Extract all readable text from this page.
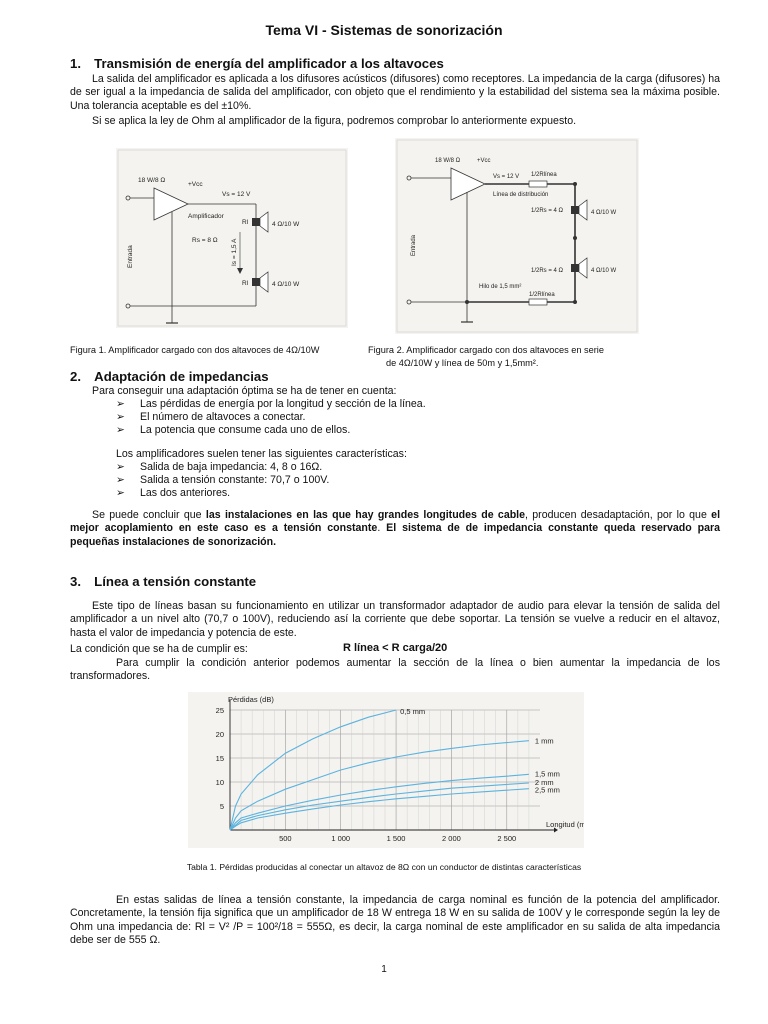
Tema VI - Sistemas de sonorización
1. Transmisión de energía del amplificador a los altavoces
La salida del amplificador es aplicada a los difusores acústicos (difusores) como receptores. La impedancia de la carga (difusores) ha de ser igual a la impedancia de salida del amplificador, con objeto que el rendimiento y la estabilidad del sistema sea la máxima posible. Una tolerancia aceptable es del ±10%.
Si se aplica la ley de Ohm al amplificador de la figura, podremos comprobar lo anteriormente expuesto.
18 W/8 Ω
+Vcc
Vs = 12 V
Amplificador
Rs = 8 Ω
Rl
Rl
4 Ω/10 W
4 Ω/10 W
Is = 1,5 A
Entrada
18 W/8 Ω	+Vcc
Vs = 12 V 1/2Rlínea
Línea de distribución
1/2Rs = 4 Ω
1/2Rs = 4 Ω
4 Ω/10 W
4 Ω/10 W
Hilo de 1,5 mm²
1/2Rlínea
Entrada
Figura 1. Amplificador cargado con dos altavoces de 4Ω/10W	Figura 2. Amplificador cargado con dos altavoces en serie
de 4Ω/10W y línea de 50m y 1,5mm².
2. Adaptación de impedancias
Para conseguir una adaptación óptima se ha de tener en cuenta:
➢ Las pérdidas de energía por la longitud y sección de la línea.
➢ El número de altavoces a conectar.
➢ La potencia que consume cada uno de ellos.
Los amplificadores suelen tener las siguientes características:
➢ Salida de baja impedancia: 4, 8 o 16Ω.
➢ Salida a tensión constante: 70,7 o 100V.
➢ Las dos anteriores.
Se puede concluir que las instalaciones en las que hay grandes longitudes de cable, producen desadaptación, por lo que el mejor acoplamiento en este caso es a tensión constante. El sistema de de impedancia constante queda reservado para pequeñas instalaciones de sonorización.
3. Línea a tensión constante
Este tipo de líneas basan su funcionamiento en utilizar un transformador adaptador de audio para elevar la tensión de salida del amplificador a un nivel alto (70,7 o 100V), reduciendo así la corriente que debe soportar. La tensión se vuelve a reducir en el altavoz, hasta el valor de impedancia y potencia de este.
La condición que se ha de cumplir es:	R línea < R carga/20
Para cumplir la condición anterior podemos aumentar la sección de la línea o bien aumentar la impedancia de los transformadores.
5
10
15
20
25
500	1 000	1 500	2 000	2 500
Pérdidas (dB)
Longitud (m)
0,5 mm
1 mm
1,5 mm
2 mm
2,5 mm
Tabla 1. Pérdidas producidas al conectar un altavoz de 8Ω con un conductor de distintas características
En estas salidas de línea a tensión constante, la impedancia de carga nominal es función de la potencia del amplificador. Concretamente, la tensión fija significa que un amplificador de 18 W entrega 18 W en su salida de 100V y le corresponde según la ley de Ohm una impedancia de: Rl = V² /P = 100²/18 = 555Ω, es decir, la carga nominal de este amplificador en su salida de alta impedancia debe ser de 555 Ω.
1
